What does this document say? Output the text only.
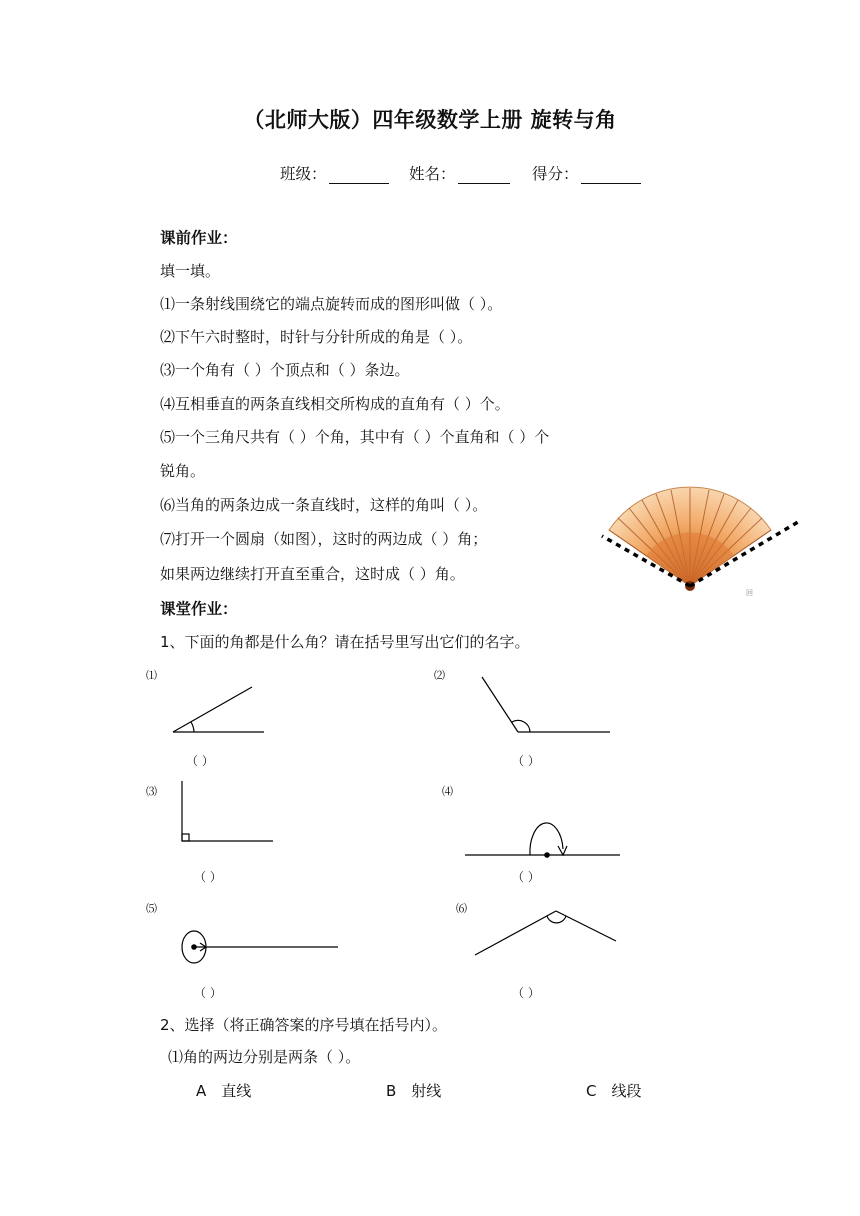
（北师大版）四年级数学上册 旋转与角
班级：	姓名：	得分：
课前作业：
填一填。
⑴一条射线围绕它的端点旋转而成的图形叫做（ ）。
⑵下午六时整时，时针与分针所成的角是（ ）。
⑶一个角有（ ）个顶点和（ ）条边。
⑷互相垂直的两条直线相交所构成的直角有（ ）个。
⑸一个三角尺共有（ ）个角，其中有（ ）个直角和（ ）个
锐角。
⑹当角的两条边成一条直线时，这样的角叫（ ）。
⑺打开一个圆扇（如图），这时的两边成（ ）角；
如果两边继续打开直至重合，这时成（ ）角。
课堂作业：
1、下面的角都是什么角？请在括号里写出它们的名字。
⑴	⑵
⑶	⑷
⑸	⑹
（ ）	（ ）
（ ）	（ ）
（ ）	（ ）
2、选择（将正确答案的序号填在括号内）。
⑴角的两边分别是两条（ ）。
A　直线	B　射线	C　线段
回
